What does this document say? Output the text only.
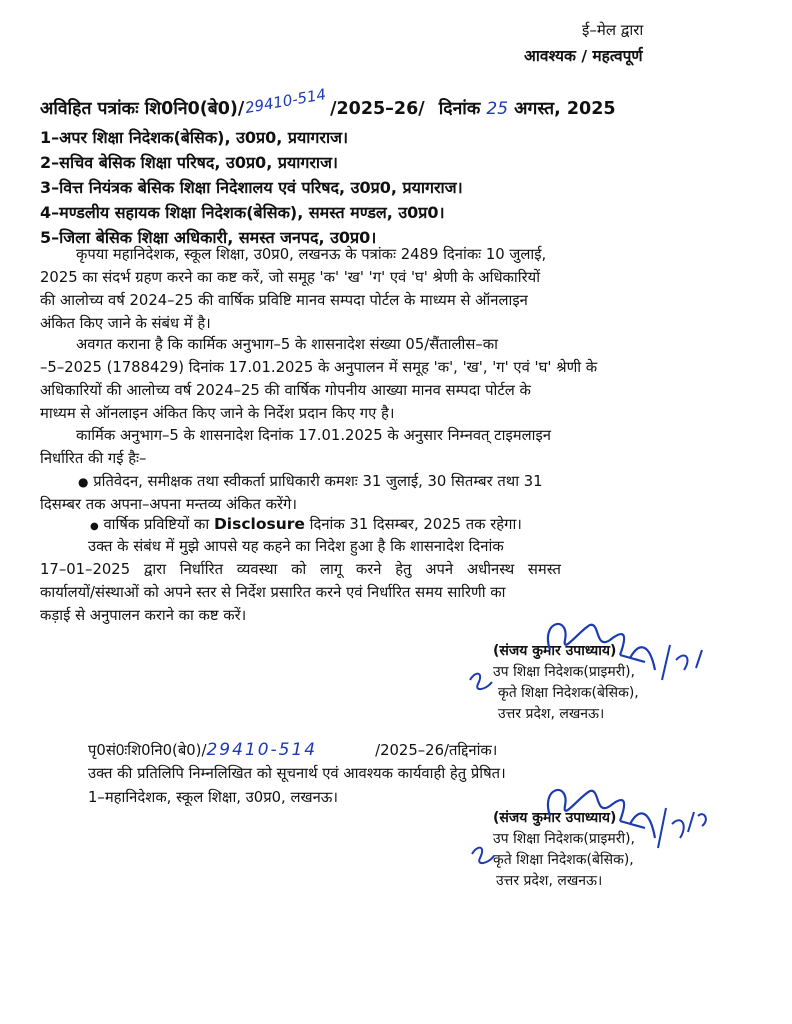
ई–मेल द्वारा
आवश्यक / महत्वपूर्ण
अविहित पत्रांकः शि0नि0(बे0)/29410-514 /2025–26/ दिनांक 25 अगस्त, 2025
1–अपर शिक्षा निदेशक(बेसिक), उ0प्र0, प्रयागराज।
2–सचिव बेसिक शिक्षा परिषद, उ0प्र0, प्रयागराज।
3–वित्त नियंत्रक बेसिक शिक्षा निदेशालय एवं परिषद, उ0प्र0, प्रयागराज।
4–मण्डलीय सहायक शिक्षा निदेशक(बेसिक), समस्त मण्डल, उ0प्र0।
5–जिला बेसिक शिक्षा अधिकारी, समस्त जनपद, उ0प्र0।
कृपया महानिदेशक, स्कूल शिक्षा, उ0प्र0, लखनऊ के पत्रांकः 2489 दिनांकः 10 जुलाई,
2025 का संदर्भ ग्रहण करने का कष्ट करें, जो समूह 'क' 'ख' 'ग' एवं 'घ' श्रेणी के अधिकारियों
की आलोच्य वर्ष 2024–25 की वार्षिक प्रविष्टि मानव सम्पदा पोर्टल के माध्यम से ऑनलाइन
अंकित किए जाने के संबंध में है।
अवगत कराना है कि कार्मिक अनुभाग–5 के शासनादेश संख्या 05/सैंतालीस–का
–5–2025 (1788429) दिनांक 17.01.2025 के अनुपालन में समूह 'क', 'ख', 'ग' एवं 'घ' श्रेणी के
अधिकारियों की आलोच्य वर्ष 2024–25 की वार्षिक गोपनीय आख्या मानव सम्पदा पोर्टल के
माध्यम से ऑनलाइन अंकित किए जाने के निर्देश प्रदान किए गए है।
कार्मिक अनुभाग–5 के शासनादेश दिनांक 17.01.2025 के अनुसार निम्नवत् टाइमलाइन
निर्धारित की गई हैः–
● प्रतिवेदन, समीक्षक तथा स्वीकर्ता प्राधिकारी कमशः 31 जुलाई, 30 सितम्बर तथा 31
दिसम्बर तक अपना–अपना मन्तव्य अंकित करेंगे।
● वार्षिक प्रविष्टियों का Disclosure दिनांक 31 दिसम्बर, 2025 तक रहेगा।
उक्त के संबंध में मुझे आपसे यह कहने का निदेश हुआ है कि शासनादेश दिनांक
17–01–2025 द्वारा निर्धारित व्यवस्था को लागू करने हेतु अपने अधीनस्थ समस्त
कार्यालयों/संस्थाओं को अपने स्तर से निर्देश प्रसारित करने एवं निर्धारित समय सारिणी का
कड़ाई से अनुपालन कराने का कष्ट करें।
(संजय कुमार उपाध्याय)
उप शिक्षा निदेशक(प्राइमरी),
कृते शिक्षा निदेशक(बेसिक),
उत्तर प्रदेश, लखनऊ।
पृ0सं0ःशि0नि0(बे0)/29410-514	/2025–26/तद्दिनांक।
उक्त की प्रतिलिपि निम्नलिखित को सूचनार्थ एवं आवश्यक कार्यवाही हेतु प्रेषित।
1–महानिदेशक, स्कूल शिक्षा, उ0प्र0, लखनऊ।
(संजय कुमार उपाध्याय)
उप शिक्षा निदेशक(प्राइमरी),
कृते शिक्षा निदेशक(बेसिक),
उत्तर प्रदेश, लखनऊ।
